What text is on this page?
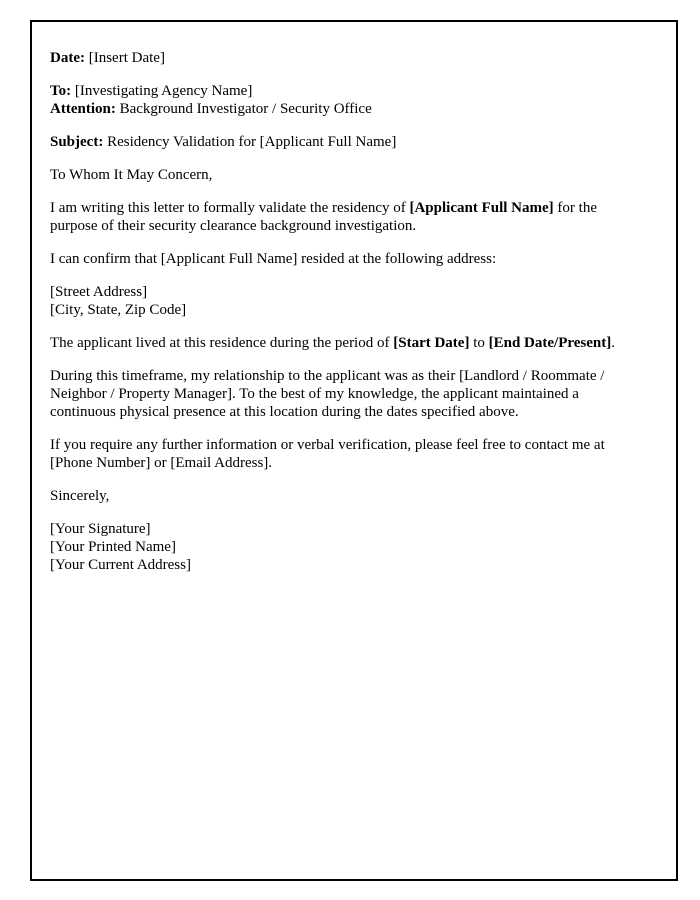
Date: [Insert Date]

To: [Investigating Agency Name]
Attention: Background Investigator / Security Office

Subject: Residency Validation for [Applicant Full Name]

To Whom It May Concern,

I am writing this letter to formally validate the residency of [Applicant Full Name] for the purpose of their security clearance background investigation.

I can confirm that [Applicant Full Name] resided at the following address:

[Street Address]
[City, State, Zip Code]

The applicant lived at this residence during the period of [Start Date] to [End Date/Present].

During this timeframe, my relationship to the applicant was as their [Landlord / Roommate / Neighbor / Property Manager]. To the best of my knowledge, the applicant maintained a continuous physical presence at this location during the dates specified above.

If you require any further information or verbal verification, please feel free to contact me at [Phone Number] or [Email Address].

Sincerely,

[Your Signature]
[Your Printed Name]
[Your Current Address]
